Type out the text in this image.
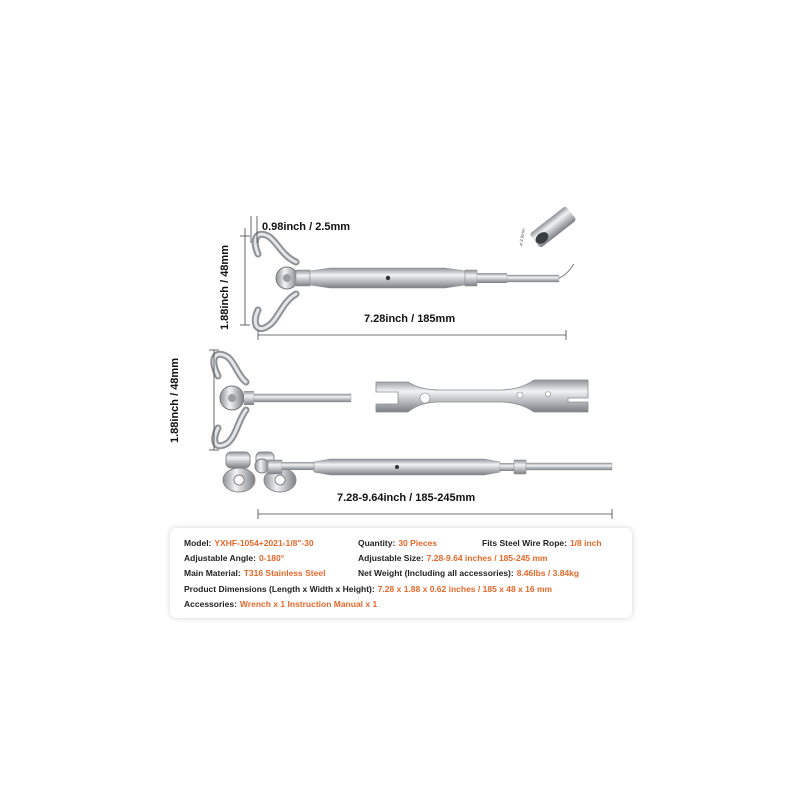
⌀ 3.9mm
0.98inch / 2.5mm
1.88inch / 48mm	7.28inch / 185mm
1.88inch / 48mm
7.28-9.64inch / 185-245mm
Model: YXHF-1054+2021-1/8"-30	Quantity: 30 Pieces	Fits Steel Wire Rope: 1/8 inch
Adjustable Angle: 0-180°	Adjustable Size: 7.28-9.64 inches / 185-245 mm
Main Material: T316 Stainless Steel	Net Weight (Including all accessories): 8.46lbs / 3.84kg
Product Dimensions (Length x Width x Height): 7.28 x 1.88 x 0.62 inches / 185 x 48 x 16 mm
Accessories: Wrench x 1 Instruction Manual x 1
